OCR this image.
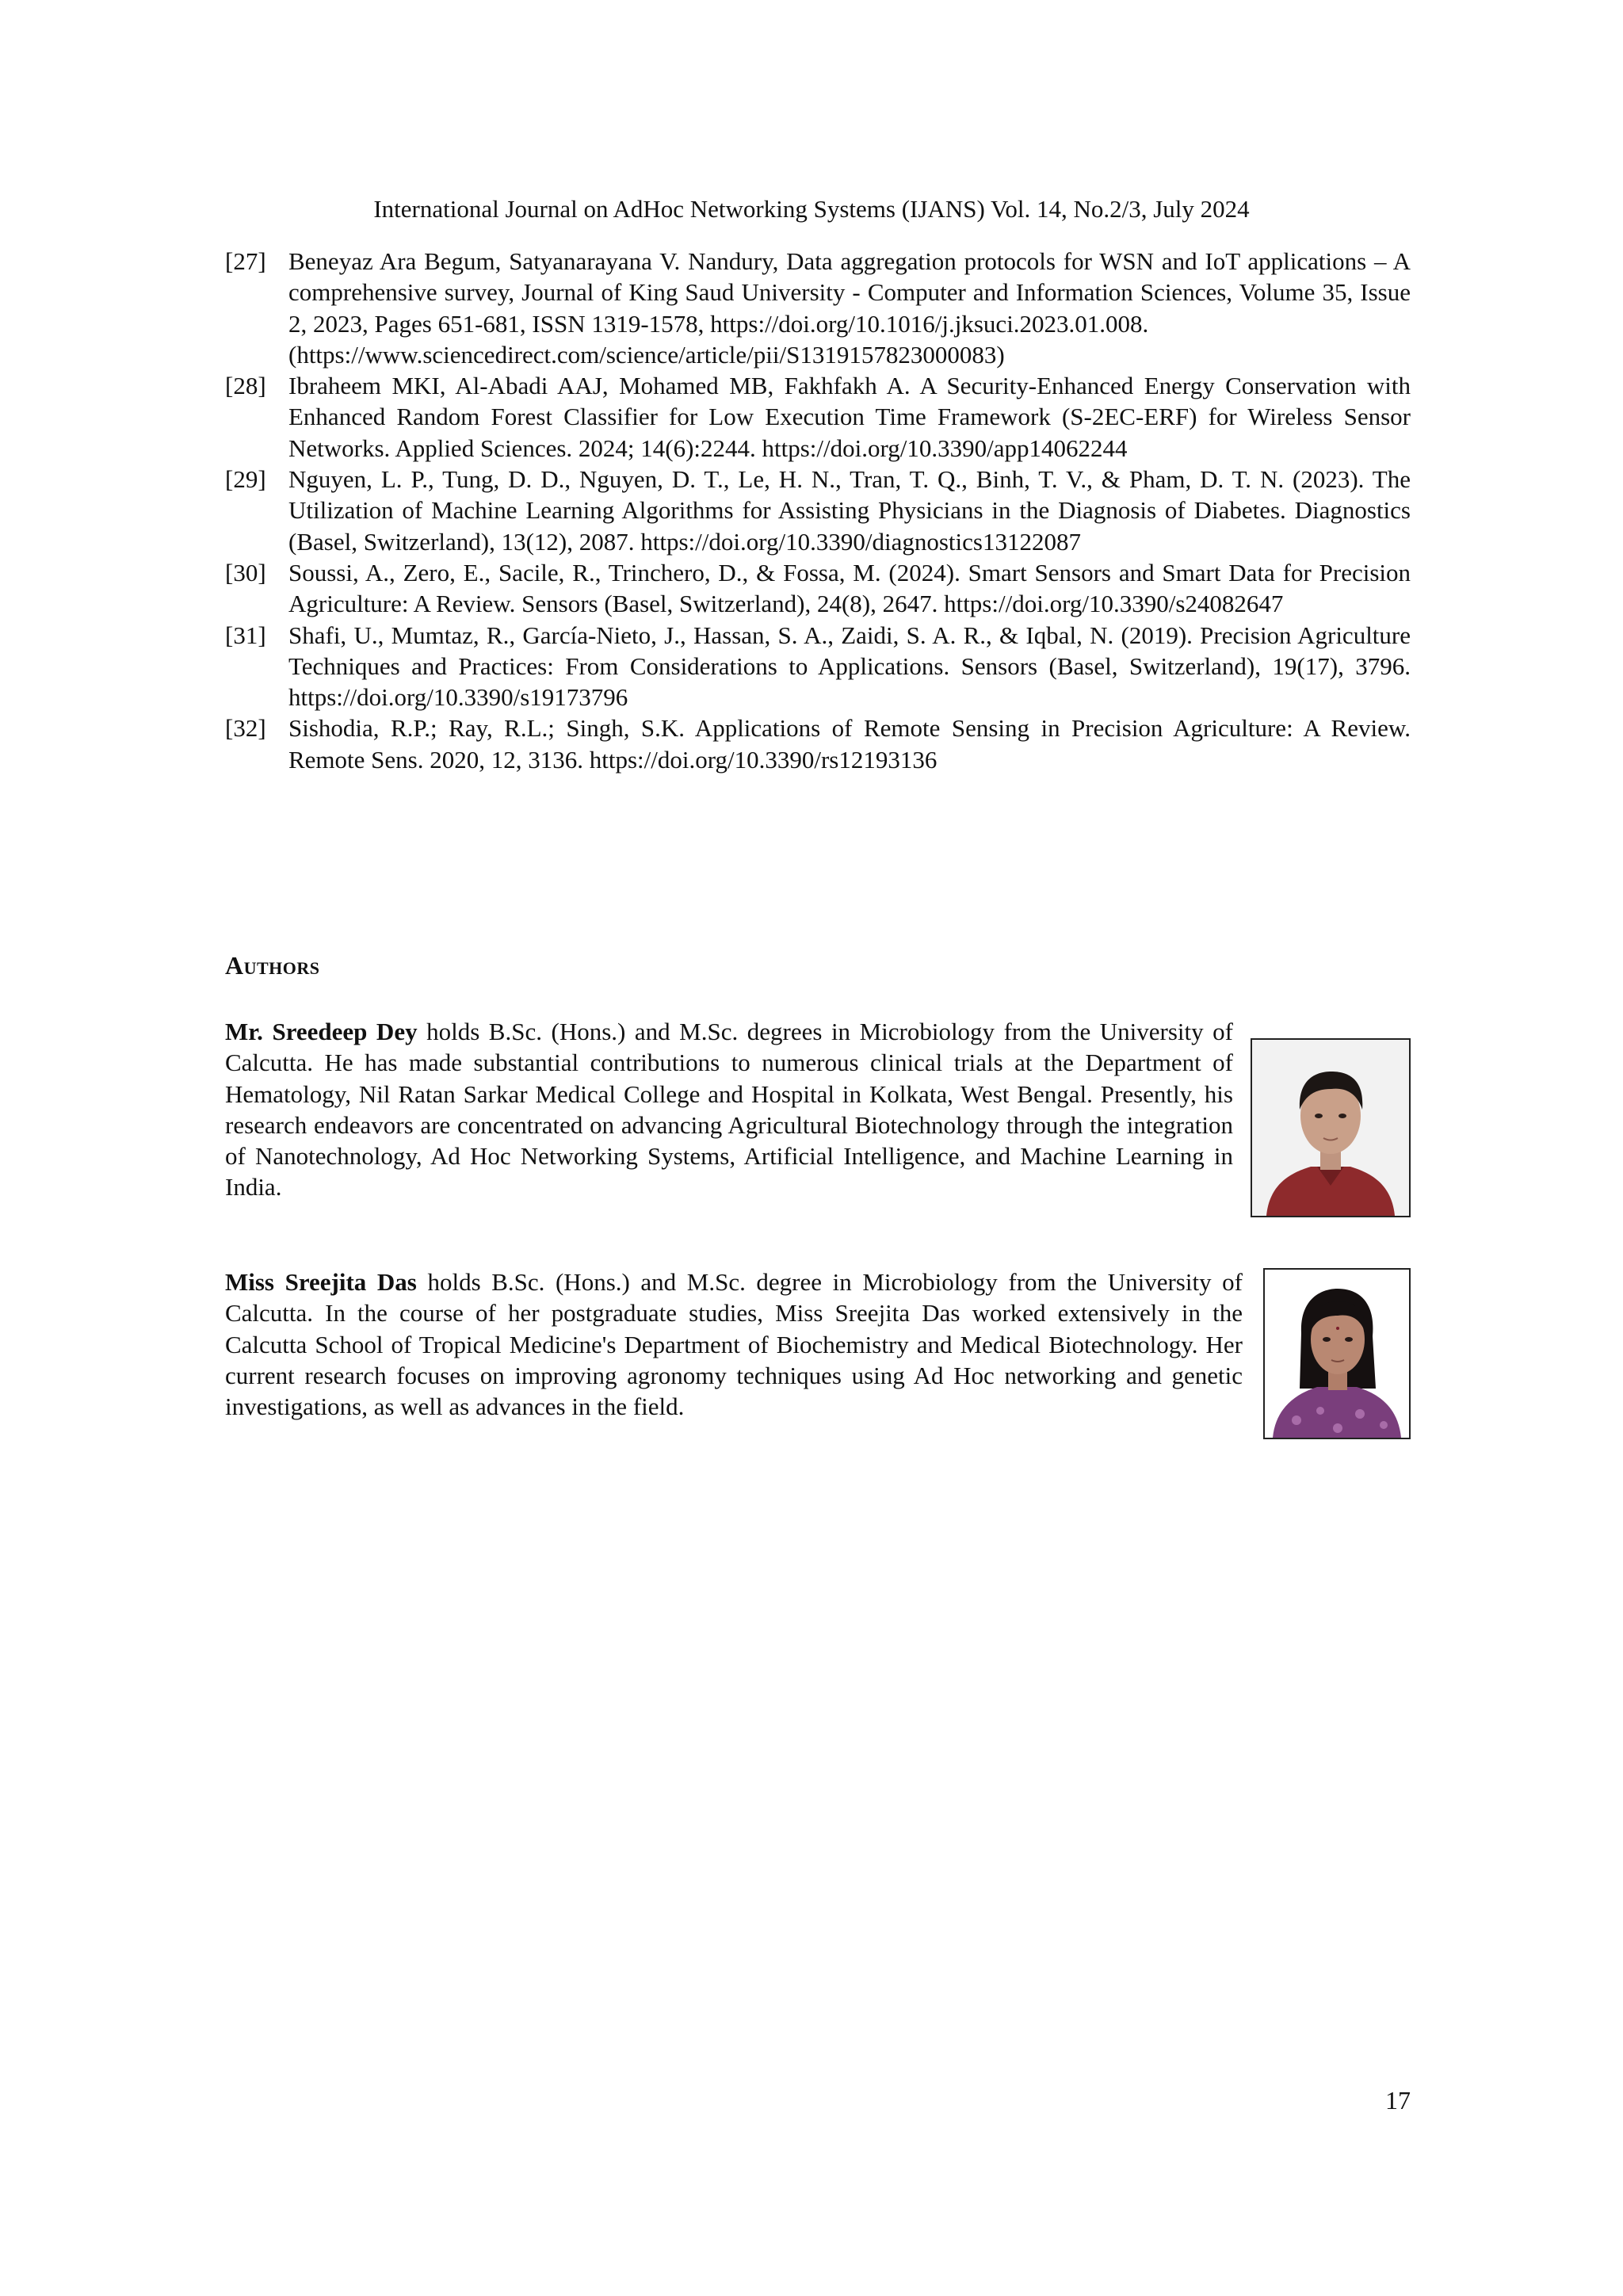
International Journal on AdHoc Networking Systems (IJANS) Vol. 14, No.2/3, July 2024
[27] Beneyaz Ara Begum, Satyanarayana V. Nandury, Data aggregation protocols for WSN and IoT applications – A comprehensive survey, Journal of King Saud University - Computer and Information Sciences, Volume 35, Issue 2, 2023, Pages 651-681, ISSN 1319-1578, https://doi.org/10.1016/j.jksuci.2023.01.008.
(https://www.sciencedirect.com/science/article/pii/S1319157823000083)
[28] Ibraheem MKI, Al-Abadi AAJ, Mohamed MB, Fakhfakh A. A Security-Enhanced Energy Conservation with Enhanced Random Forest Classifier for Low Execution Time Framework (S-2EC-ERF) for Wireless Sensor Networks. Applied Sciences. 2024; 14(6):2244. https://doi.org/10.3390/app14062244
[29] Nguyen, L. P., Tung, D. D., Nguyen, D. T., Le, H. N., Tran, T. Q., Binh, T. V., & Pham, D. T. N. (2023). The Utilization of Machine Learning Algorithms for Assisting Physicians in the Diagnosis of Diabetes. Diagnostics (Basel, Switzerland), 13(12), 2087. https://doi.org/10.3390/diagnostics13122087
[30] Soussi, A., Zero, E., Sacile, R., Trinchero, D., & Fossa, M. (2024). Smart Sensors and Smart Data for Precision Agriculture: A Review. Sensors (Basel, Switzerland), 24(8), 2647. https://doi.org/10.3390/s24082647
[31] Shafi, U., Mumtaz, R., García-Nieto, J., Hassan, S. A., Zaidi, S. A. R., & Iqbal, N. (2019). Precision Agriculture Techniques and Practices: From Considerations to Applications. Sensors (Basel, Switzerland), 19(17), 3796. https://doi.org/10.3390/s19173796
[32] Sishodia, R.P.; Ray, R.L.; Singh, S.K. Applications of Remote Sensing in Precision Agriculture: A Review. Remote Sens. 2020, 12, 3136. https://doi.org/10.3390/rs12193136
Authors
Mr. Sreedeep Dey holds B.Sc. (Hons.) and M.Sc. degrees in Microbiology from the University of Calcutta. He has made substantial contributions to numerous clinical trials at the Department of Hematology, Nil Ratan Sarkar Medical College and Hospital in Kolkata, West Bengal. Presently, his research endeavors are concentrated on advancing Agricultural Biotechnology through the integration of Nanotechnology, Ad Hoc Networking Systems, Artificial Intelligence, and Machine Learning in India.
Miss Sreejita Das holds B.Sc. (Hons.) and M.Sc. degree in Microbiology from the University of Calcutta. In the course of her postgraduate studies, Miss Sreejita Das worked extensively in the Calcutta School of Tropical Medicine's Department of Biochemistry and Medical Biotechnology. Her current research focuses on improving agronomy techniques using Ad Hoc networking and genetic investigations, as well as advances in the field.
17
